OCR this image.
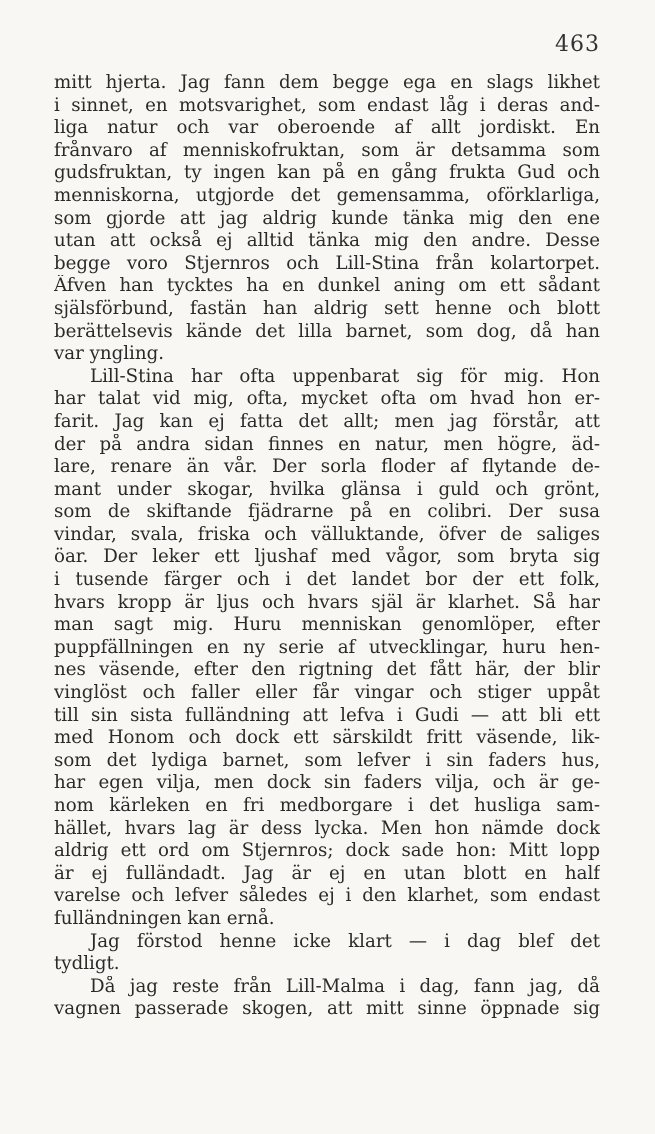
463
mitt hjerta. Jag fann dem begge ega en slags likhet
i sinnet, en motsvarighet, som endast låg i deras and-
liga natur och var oberoende af allt jordiskt. En
frånvaro af menniskofruktan, som är detsamma som
gudsfruktan, ty ingen kan på en gång frukta Gud och
menniskorna, utgjorde det gemensamma, oförklarliga,
som gjorde att jag aldrig kunde tänka mig den ene
utan att också ej alltid tänka mig den andre. Desse
begge voro Stjernros och Lill-Stina från kolartorpet.
Äfven han tycktes ha en dunkel aning om ett sådant
själsförbund, fastän han aldrig sett henne och blott
berättelsevis kände det lilla barnet, som dog, då han
var yngling.
Lill-Stina har ofta uppenbarat sig för mig. Hon
har talat vid mig, ofta, mycket ofta om hvad hon er-
farit. Jag kan ej fatta det allt; men jag förstår, att
der på andra sidan finnes en natur, men högre, äd-
lare, renare än vår. Der sorla floder af flytande de-
mant under skogar, hvilka glänsa i guld och grönt,
som de skiftande fjädrarne på en colibri. Der susa
vindar, svala, friska och välluktande, öfver de saliges
öar. Der leker ett ljushaf med vågor, som bryta sig
i tusende färger och i det landet bor der ett folk,
hvars kropp är ljus och hvars själ är klarhet. Så har
man sagt mig. Huru menniskan genomlöper, efter
puppfällningen en ny serie af utvecklingar, huru hen-
nes väsende, efter den rigtning det fått här, der blir
vinglöst och faller eller får vingar och stiger uppåt
till sin sista fulländning att lefva i Gudi — att bli ett
med Honom och dock ett särskildt fritt väsende, lik-
som det lydiga barnet, som lefver i sin faders hus,
har egen vilja, men dock sin faders vilja, och är ge-
nom kärleken en fri medborgare i det husliga sam-
hället, hvars lag är dess lycka. Men hon nämde dock
aldrig ett ord om Stjernros; dock sade hon: Mitt lopp
är ej fulländadt. Jag är ej en utan blott en half
varelse och lefver således ej i den klarhet, som endast
fulländningen kan ernå.
Jag förstod henne icke klart — i dag blef det
tydligt.
Då jag reste från Lill-Malma i dag, fann jag, då
vagnen passerade skogen, att mitt sinne öppnade sig
